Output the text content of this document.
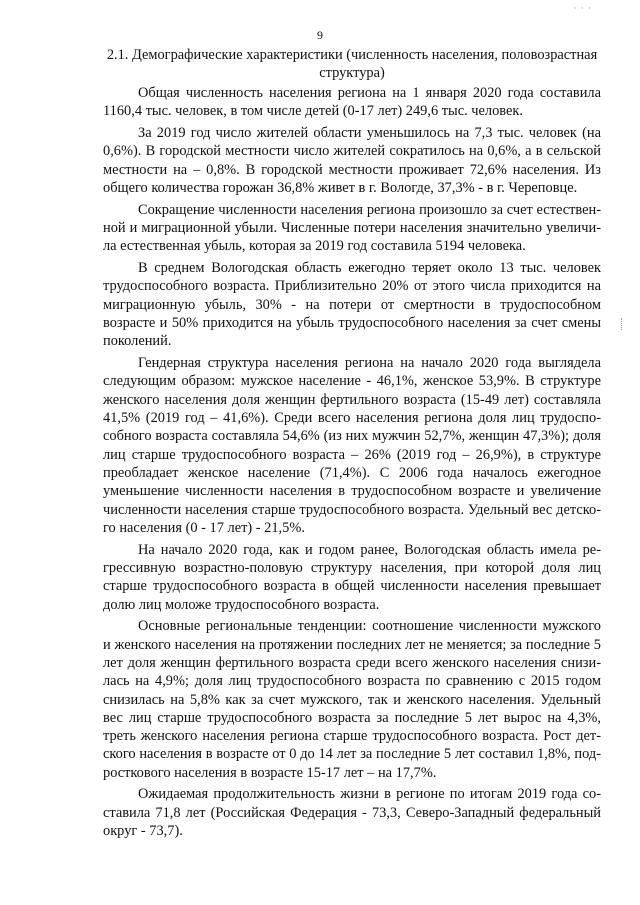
· · ·
9
2.1. Демографические характеристики (численность населения, половозрастная структура)

Общая численность населения региона на 1 января 2020 года составила 1160,4 тыс. человек, в том числе детей (0-17 лет) 249,6 тыс. человек.

За 2019 год число жителей области уменьшилось на 7,3 тыс. человек (на 0,6%). В городской местности число жителей сократилось на 0,6%, а в сельской местности на – 0,8%. В городской местности проживает 72,6% населения. Из общего количества горожан 36,8% живет в г. Вологде, 37,3% - в г. Череповце.

Сокращение численности населения региона произошло за счет естественной и миграционной убыли. Численные потери населения значительно увеличила естественная убыль, которая за 2019 год составила 5194 человека.

В среднем Вологодская область ежегодно теряет около 13 тыс. человек трудоспособного возраста. Приблизительно 20% от этого числа приходится на миграционную убыль, 30% - на потери от смертности в трудоспособном возрасте и 50% приходится на убыль трудоспособного населения за счет смены поколений.

Гендерная структура населения региона на начало 2020 года выглядела следующим образом: мужское население - 46,1%, женское 53,9%. В структуре женского населения доля женщин фертильного возраста (15-49 лет) составляла 41,5% (2019 год – 41,6%). Среди всего населения региона доля лиц трудоспособного возраста составляла 54,6% (из них мужчин 52,7%, женщин 47,3%); доля лиц старше трудоспособного возраста – 26% (2019 год – 26,9%), в структуре преобладает женское население (71,4%). С 2006 года началось ежегодное уменьшение численности населения в трудоспособном возрасте и увеличение численности населения старше трудоспособного возраста. Удельный вес детского населения (0 - 17 лет) - 21,5%.

На начало 2020 года, как и годом ранее, Вологодская область имела регрессивную возрастно-половую структуру населения, при которой доля лиц старше трудоспособного возраста в общей численности населения превышает долю лиц моложе трудоспособного возраста.

Основные региональные тенденции: соотношение численности мужского и женского населения на протяжении последних лет не меняется; за последние 5 лет доля женщин фертильного возраста среди всего женского населения снизилась на 4,9%; доля лиц трудоспособного возраста по сравнению с 2015 годом снизилась на 5,8% как за счет мужского, так и женского населения. Удельный вес лиц старше трудоспособного возраста за последние 5 лет вырос на 4,3%, треть женского населения региона старше трудоспособного возраста. Рост детского населения в возрасте от 0 до 14 лет за последние 5 лет составил 1,8%, подросткового населения в возрасте 15-17 лет – на 17,7%.

Ожидаемая продолжительность жизни в регионе по итогам 2019 года составила 71,8 лет (Российская Федерация - 73,3, Северо-Западный федеральный округ - 73,7).
